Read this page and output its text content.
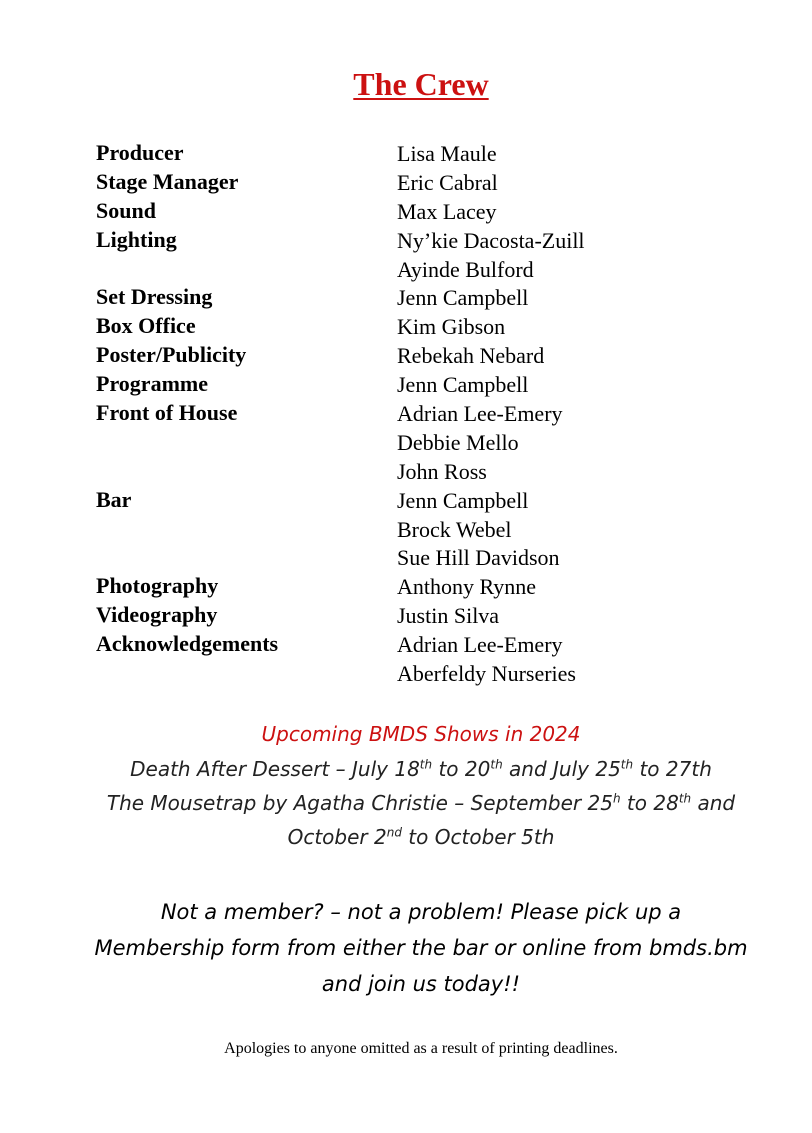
The Crew
Producer	Lisa Maule
Stage Manager	Eric Cabral
Sound	Max Lacey
Lighting	Ny’kie Dacosta-Zuill
Ayinde Bulford
Set Dressing	Jenn Campbell
Box Office	Kim Gibson
Poster/Publicity	Rebekah Nebard
Programme	Jenn Campbell
Front of House	Adrian Lee-Emery
Debbie Mello
John Ross
Bar	Jenn Campbell
Brock Webel
Sue Hill Davidson
Photography	Anthony Rynne
Videography	Justin Silva
Acknowledgements	Adrian Lee-Emery
Aberfeldy Nurseries
Upcoming BMDS Shows in 2024
Death After Dessert – July 18th to 20th and July 25th to 27th
The Mousetrap by Agatha Christie – September 25$^h$ to 28th and
October 2nd to October 5th
Not a member? – not a problem! Please pick up a
Membership form from either the bar or online from bmds.bm
and join us today!!
Apologies to anyone omitted as a result of printing deadlines.
